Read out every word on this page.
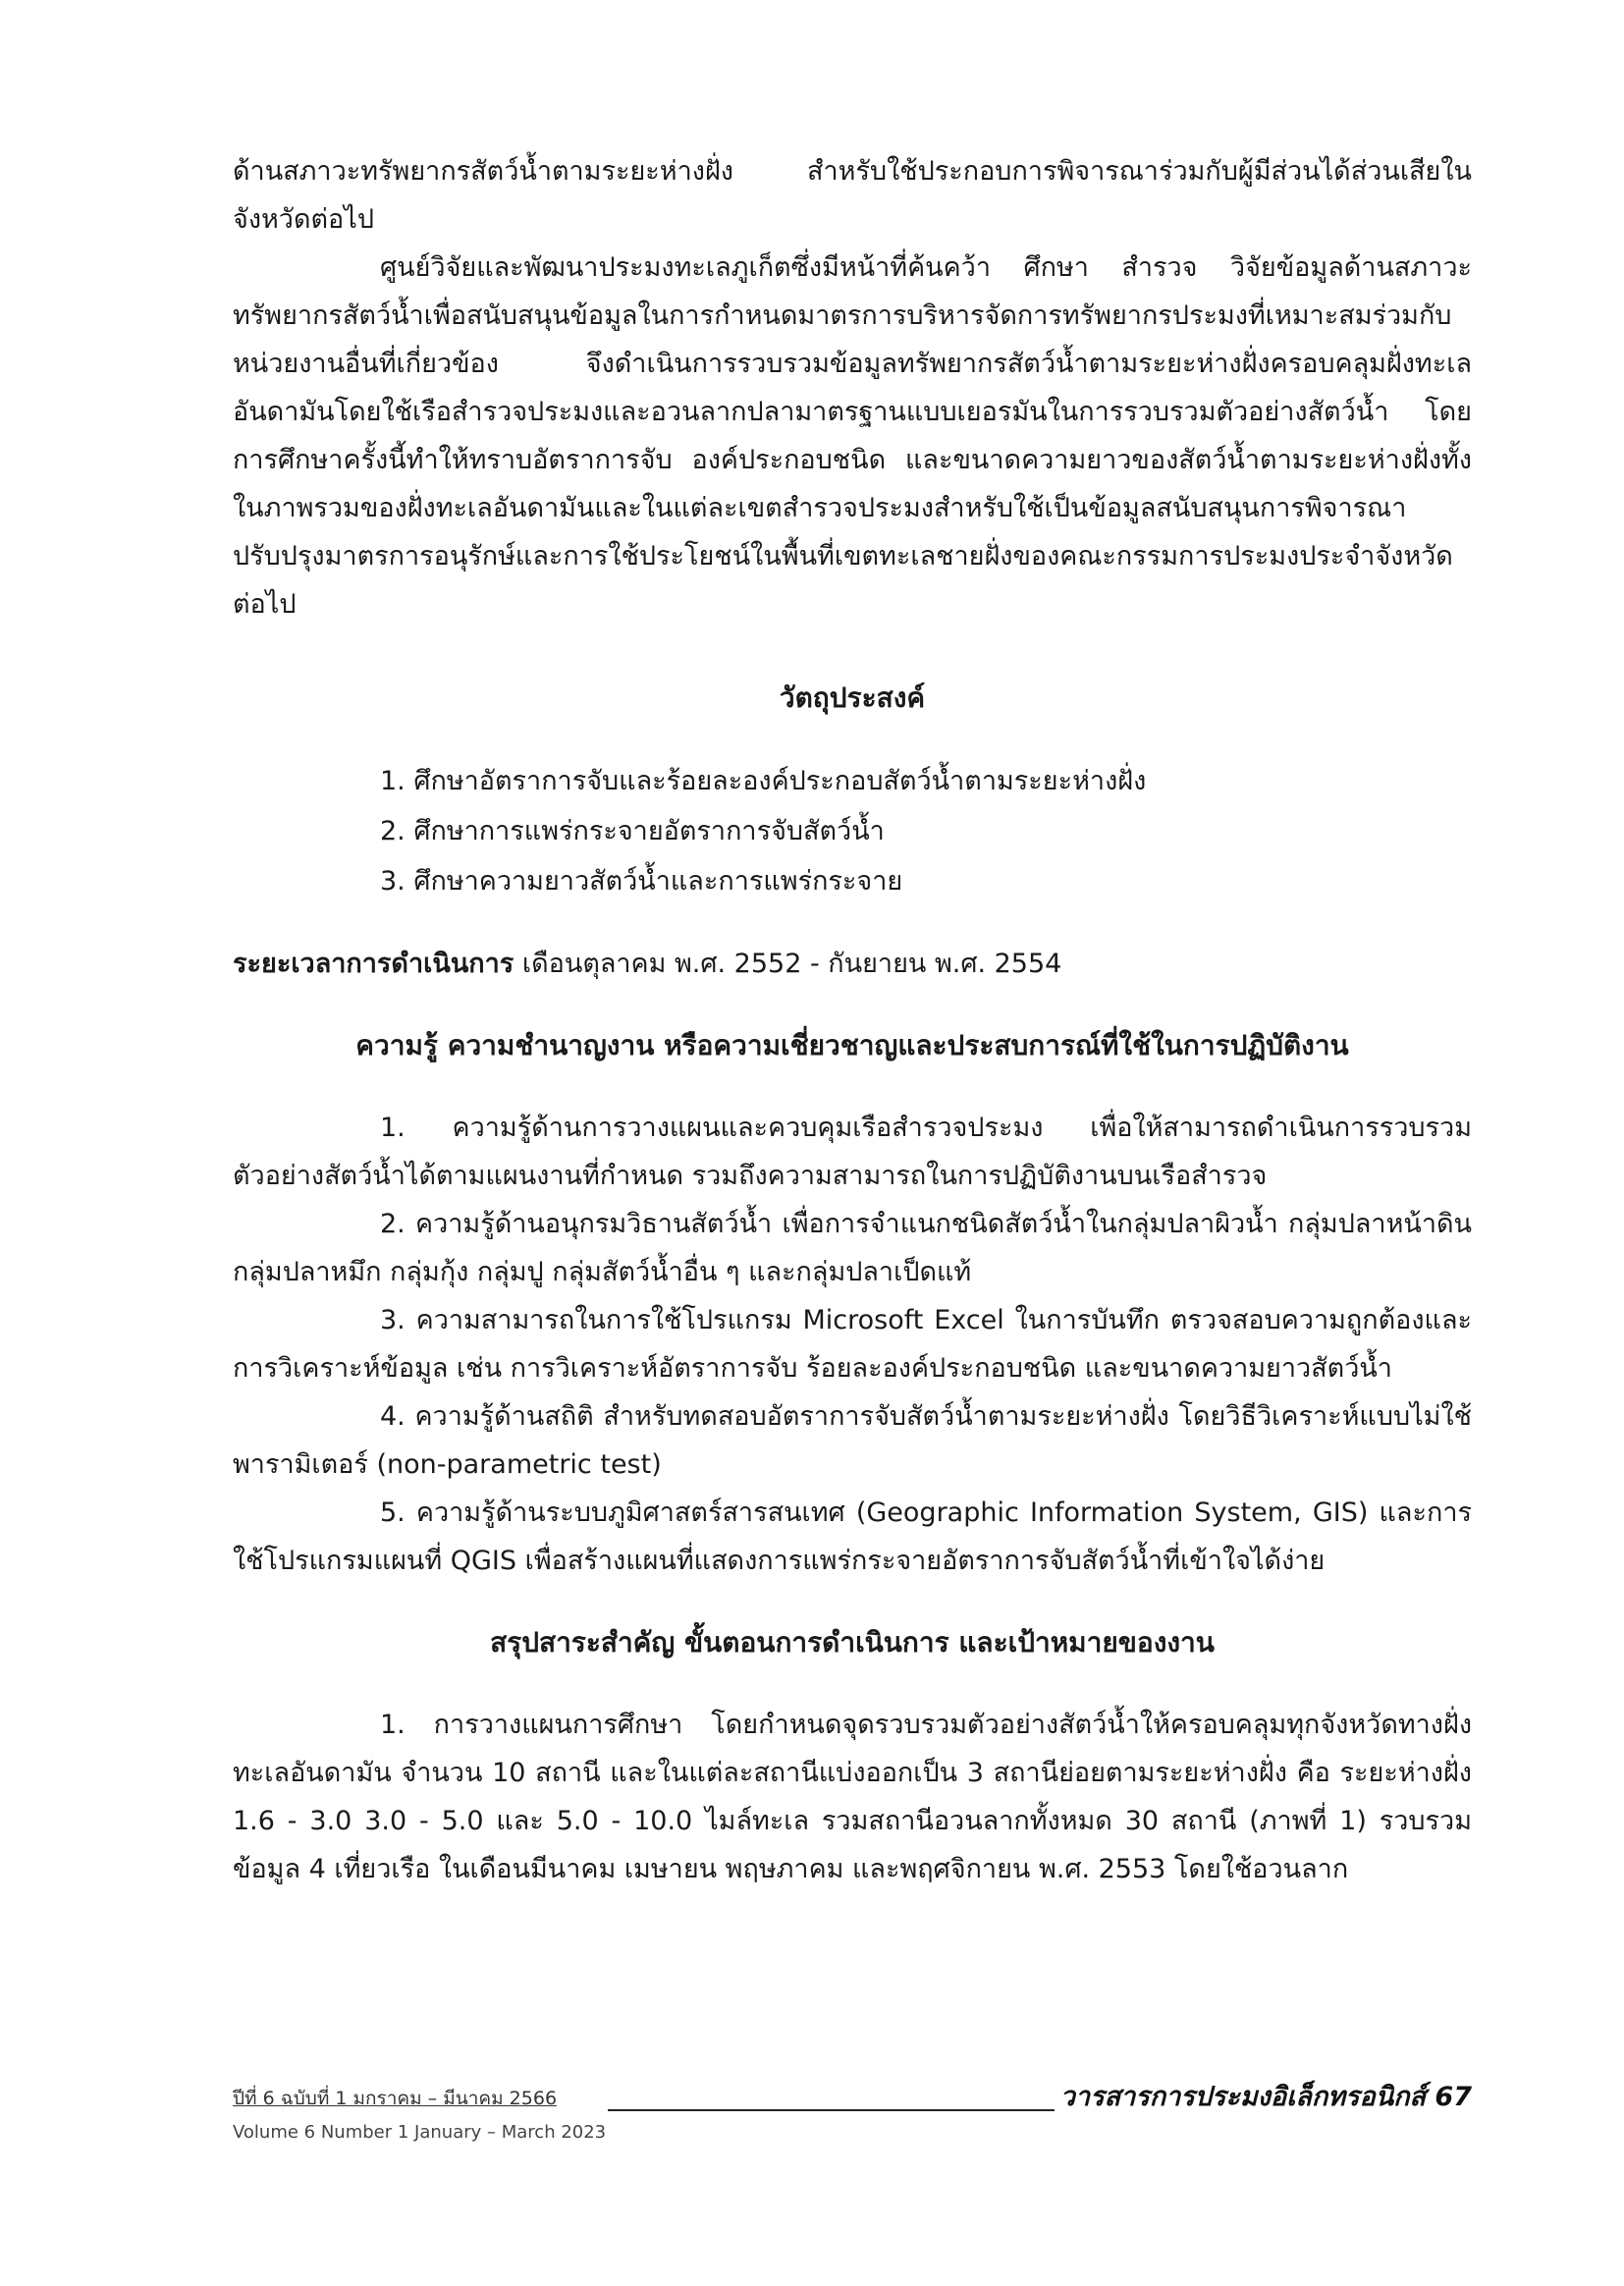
ด้านสภาวะทรัพยากรสัตว์น้ำตามระยะห่างฝั่ง สำหรับใช้ประกอบการพิจารณาร่วมกับผู้มีส่วนได้ส่วนเสียในจังหวัดต่อไป

ศูนย์วิจัยและพัฒนาประมงทะเลภูเก็ตซึ่งมีหน้าที่ค้นคว้า ศึกษา สำรวจ วิจัยข้อมูลด้านสภาวะทรัพยากรสัตว์น้ำเพื่อสนับสนุนข้อมูลในการกำหนดมาตรการบริหารจัดการทรัพยากรประมงที่เหมาะสมร่วมกับหน่วยงานอื่นที่เกี่ยวข้อง จึงดำเนินการรวบรวมข้อมูลทรัพยากรสัตว์น้ำตามระยะห่างฝั่งครอบคลุมฝั่งทะเลอันดามันโดยใช้เรือสำรวจประมงและอวนลากปลามาตรฐานแบบเยอรมันในการรวบรวมตัวอย่างสัตว์น้ำ โดยการศึกษาครั้งนี้ทำให้ทราบอัตราการจับ องค์ประกอบชนิด และขนาดความยาวของสัตว์น้ำตามระยะห่างฝั่งทั้งในภาพรวมของฝั่งทะเลอันดามันและในแต่ละเขตสำรวจประมงสำหรับใช้เป็นข้อมูลสนับสนุนการพิจารณาปรับปรุงมาตรการอนุรักษ์และการใช้ประโยชน์ในพื้นที่เขตทะเลชายฝั่งของคณะกรรมการประมงประจำจังหวัดต่อไป

วัตถุประสงค์
1. ศึกษาอัตราการจับและร้อยละองค์ประกอบสัตว์น้ำตามระยะห่างฝั่ง
2. ศึกษาการแพร่กระจายอัตราการจับสัตว์น้ำ
3. ศึกษาความยาวสัตว์น้ำและการแพร่กระจาย

ระยะเวลาการดำเนินการ เดือนตุลาคม พ.ศ. 2552 - กันยายน พ.ศ. 2554

ความรู้ ความชำนาญงาน หรือความเชี่ยวชาญและประสบการณ์ที่ใช้ในการปฏิบัติงาน

1. ความรู้ด้านการวางแผนและควบคุมเรือสำรวจประมง เพื่อให้สามารถดำเนินการรวบรวมตัวอย่างสัตว์น้ำได้ตามแผนงานที่กำหนด รวมถึงความสามารถในการปฏิบัติงานบนเรือสำรวจ

2. ความรู้ด้านอนุกรมวิธานสัตว์น้ำ เพื่อการจำแนกชนิดสัตว์น้ำในกลุ่มปลาผิวน้ำ กลุ่มปลาหน้าดิน กลุ่มปลาหมึก กลุ่มกุ้ง กลุ่มปู กลุ่มสัตว์น้ำอื่น ๆ และกลุ่มปลาเป็ดแท้

3. ความสามารถในการใช้โปรแกรม Microsoft Excel ในการบันทึก ตรวจสอบความถูกต้องและการวิเคราะห์ข้อมูล เช่น การวิเคราะห์อัตราการจับ ร้อยละองค์ประกอบชนิด และขนาดความยาวสัตว์น้ำ

4. ความรู้ด้านสถิติ สำหรับทดสอบอัตราการจับสัตว์น้ำตามระยะห่างฝั่ง โดยวิธีวิเคราะห์แบบไม่ใช้พารามิเตอร์ (non-parametric test)

5. ความรู้ด้านระบบภูมิศาสตร์สารสนเทศ (Geographic Information System, GIS) และการใช้โปรแกรมแผนที่ QGIS เพื่อสร้างแผนที่แสดงการแพร่กระจายอัตราการจับสัตว์น้ำที่เข้าใจได้ง่าย

สรุปสาระสำคัญ ขั้นตอนการดำเนินการ และเป้าหมายของงาน

1. การวางแผนการศึกษา โดยกำหนดจุดรวบรวมตัวอย่างสัตว์น้ำให้ครอบคลุมทุกจังหวัดทางฝั่งทะเลอันดามัน จำนวน 10 สถานี และในแต่ละสถานีแบ่งออกเป็น 3 สถานีย่อยตามระยะห่างฝั่ง คือ ระยะห่างฝั่ง 1.6 - 3.0 3.0 - 5.0 และ 5.0 - 10.0 ไมล์ทะเล รวมสถานีอวนลากทั้งหมด 30 สถานี (ภาพที่ 1) รวบรวมข้อมูล 4 เที่ยวเรือ ในเดือนมีนาคม เมษายน พฤษภาคม และพฤศจิกายน พ.ศ. 2553 โดยใช้อวนลาก

ปีที่ 6 ฉบับที่ 1 มกราคม – มีนาคม 2566	วารสารการประมงอิเล็กทรอนิกส์ 67
Volume 6 Number 1 January – March 2023
